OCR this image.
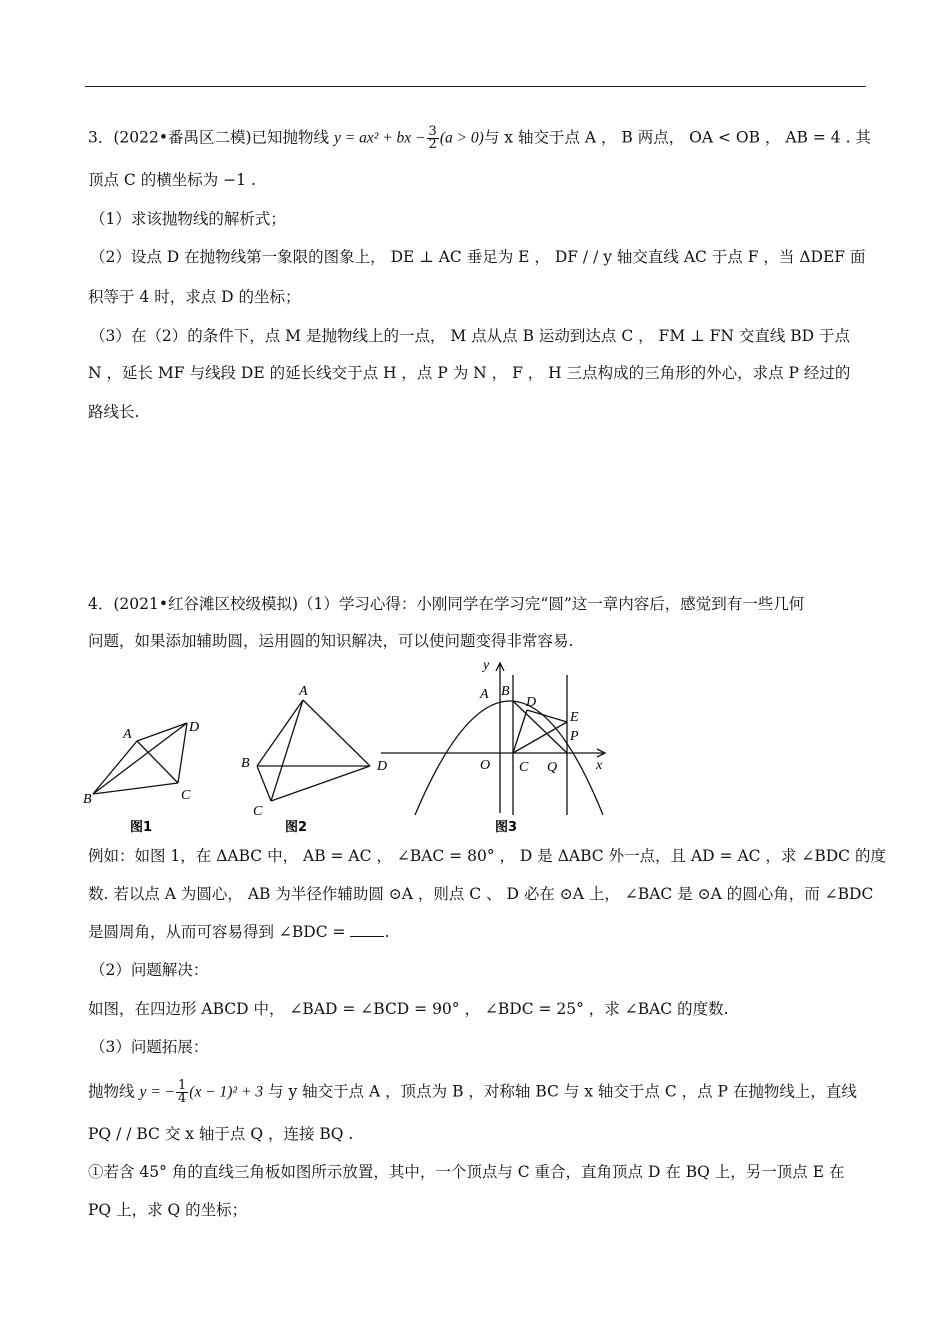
3．(2022•番禺区二模)已知抛物线 y = ax² + bx − $\frac{3}{2} (a > 0)$与 x 轴交于点 A ， B 两点， OA < OB ， AB = 4 . 其
顶点 C 的横坐标为 −1 .
（1）求该抛物线的解析式；
（2）设点 D 在抛物线第一象限的图象上， DE ⊥ AC 垂足为 E ， DF / / y 轴交直线 AC 于点 F ，当 ΔDEF 面
积等于 4 时，求点 D 的坐标；
（3）在（2）的条件下，点 M 是抛物线上的一点， M 点从点 B 运动到达点 C ， FM ⊥ FN 交直线 BD 于点
N ，延长 MF 与线段 DE 的延长线交于点 H ，点 P 为 N ， F ， H 三点构成的三角形的外心，求点 P 经过的
路线长.
4．(2021•红谷滩区校级模拟)（1）学习心得：小刚同学在学习完“圆”这一章内容后，感觉到有一些几何
问题，如果添加辅助圆，运用圆的知识解决，可以使问题变得非常容易.
A	D
B	C
图1
A
B	D
C
图2
y
A B
D
E
P
O C Q	x
图3
例如：如图 1，在 ΔABC 中， AB = AC ， ∠BAC = 80° ， D 是 ΔABC 外一点，且 AD = AC ，求 ∠BDC 的度
数. 若以点 A 为圆心， AB 为半径作辅助圆 ⊙A ，则点 C 、 D 必在 ⊙A 上， ∠BAC 是 ⊙A 的圆心角，而 ∠BDC
是圆周角，从而可容易得到 ∠BDC =	.
（2）问题解决：
如图，在四边形 ABCD 中， ∠BAD = ∠BCD = 90° ， ∠BDC = 25° ，求 ∠BAC 的度数.
（3）问题拓展：
抛物线 y = − $\frac{1}{4} (x - 1)^2 + 3$ 与 y 轴交于点 A ，顶点为 B ，对称轴 BC 与 x 轴交于点 C ，点 P 在抛物线上，直线
PQ / / BC 交 x 轴于点 Q ，连接 BQ .
①若含 45° 角的直线三角板如图所示放置，其中，一个顶点与 C 重合，直角顶点 D 在 BQ 上，另一顶点 E 在
PQ 上，求 Q 的坐标；
